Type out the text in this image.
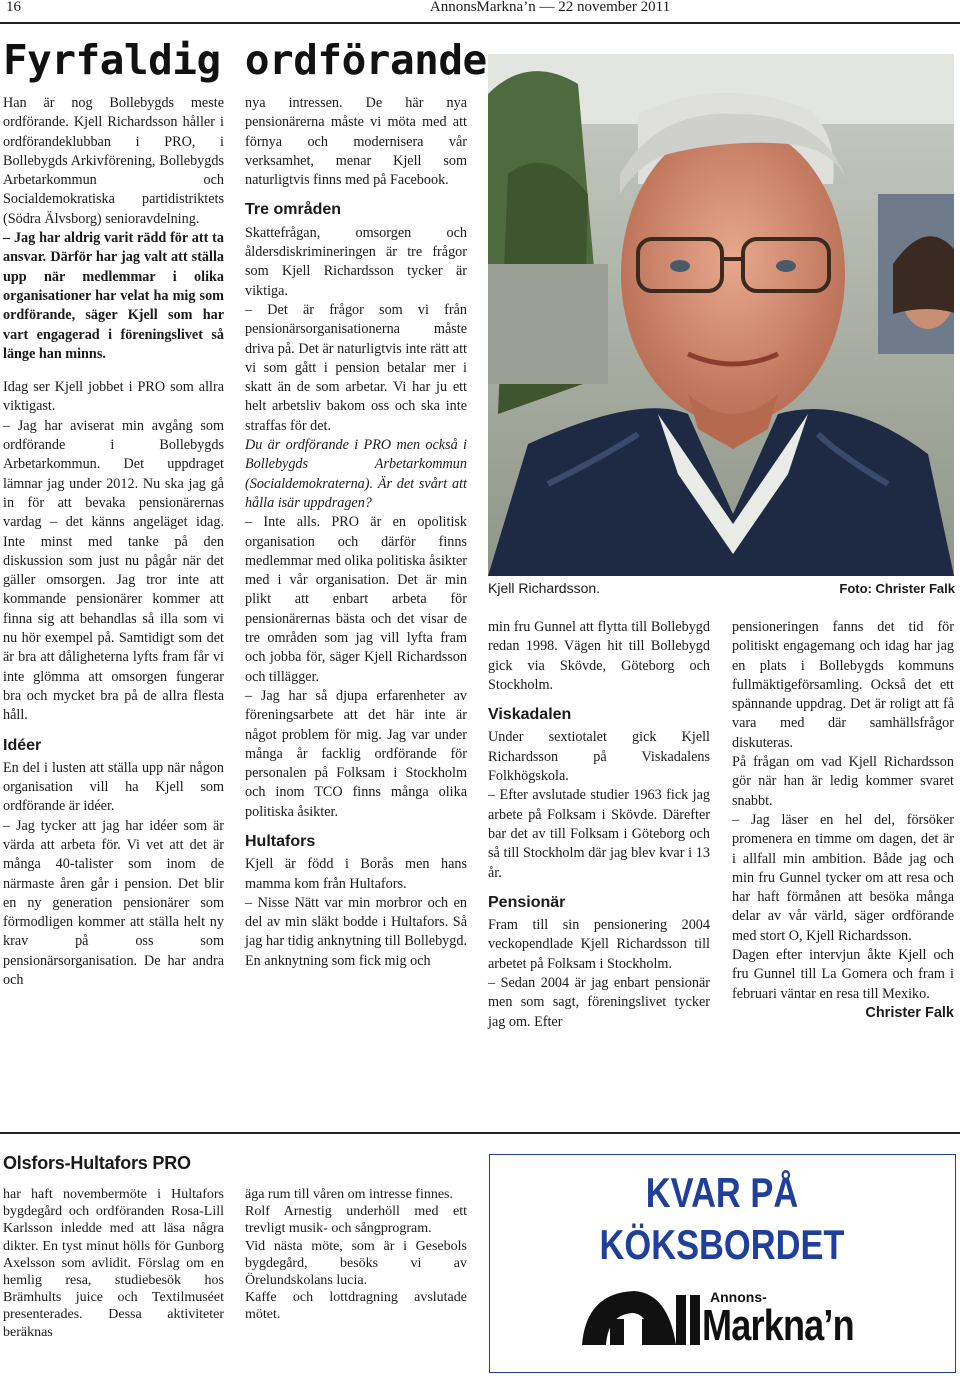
16	AnnonsMarkna’n — 22 november 2011
Fyrfaldig ordförande

Han är nog Bollebygds meste ordförande. Kjell Richardsson håller i ordförandeklubban i PRO, i Bollebygds Arkivförening, Bollebygds Arbetarkommun och Socialdemokratiska partidistriktets (Södra Älvsborg) senioravdelning.

– Jag har aldrig varit rädd för att ta ansvar. Därför har jag valt att ställa upp när medlemmar i olika organisationer har velat ha mig som ordförande, säger Kjell som har vart engagerad i föreningslivet så länge han minns.

Idag ser Kjell jobbet i PRO som allra viktigast.

– Jag har aviserat min avgång som ordförande i Bollebygds Arbetarkommun. Det uppdraget lämnar jag under 2012. Nu ska jag gå in för att bevaka pensionärernas vardag – det känns angeläget idag. Inte minst med tanke på den diskussion som just nu pågår när det gäller omsorgen. Jag tror inte att kommande pensionärer kommer att finna sig att behandlas så illa som vi nu hör exempel på. Samtidigt som det är bra att dåligheterna lyfts fram får vi inte glömma att omsorgen fungerar bra och mycket bra på de allra flesta håll.

Idéer

En del i lusten att ställa upp när någon organisation vill ha Kjell som ordförande är idéer.

– Jag tycker att jag har idéer som är värda att arbeta för. Vi vet att det är många 40-talister som inom de närmaste åren går i pension. Det blir en ny generation pensionärer som förmodligen kommer att ställa helt ny krav på oss som pensionärsorganisation. De har andra och

nya intressen. De här nya pensionärerna måste vi möta med att förnya och modernisera vår verksamhet, menar Kjell som naturligtvis finns med på Facebook.

Tre områden

Skattefrågan, omsorgen och åldersdiskrimineringen är tre frågor som Kjell Richardsson tycker är viktiga.

– Det är frågor som vi från pensionärsorganisationerna måste driva på. Det är naturligtvis inte rätt att vi som gått i pension betalar mer i skatt än de som arbetar. Vi har ju ett helt arbetsliv bakom oss och ska inte straffas för det.

Du är ordförande i PRO men också i Bollebygds Arbetarkommun (Socialdemokraterna). Är det svårt att hålla isär uppdragen?

– Inte alls. PRO är en opolitisk organisation och därför finns medlemmar med olika politiska åsikter med i vår organisation. Det är min plikt att enbart arbeta för pensionärernas bästa och det visar de tre områden som jag vill lyfta fram och jobba för, säger Kjell Richardsson och tillägger.

– Jag har så djupa erfarenheter av föreningsarbete att det här inte är något problem för mig. Jag var under många år facklig ordförande för personalen på Folksam i Stockholm och inom TCO finns många olika politiska åsikter.

Hultafors

Kjell är född i Borås men hans mamma kom från Hultafors.

– Nisse Nätt var min morbror och en del av min släkt bodde i Hultafors. Så jag har tidig anknytning till Bollebygd. En anknytning som fick mig och

Kjell Richardsson.	Foto: Christer Falk

min fru Gunnel att flytta till Bollebygd redan 1998. Vägen hit till Bollebygd gick via Skövde, Göteborg och Stockholm.

Viskadalen

Under sextiotalet gick Kjell Richardsson på Viskadalens Folkhögskola.

– Efter avslutade studier 1963 fick jag arbete på Folksam i Skövde. Därefter bar det av till Folksam i Göteborg och så till Stockholm där jag blev kvar i 13 år.

Pensionär

Fram till sin pensionering 2004 veckopendlade Kjell Richardsson till arbetet på Folksam i Stockholm.

– Sedan 2004 är jag enbart pensionär men som sagt, föreningslivet tycker jag om. Efter

pensioneringen fanns det tid för politiskt engagemang och idag har jag en plats i Bollebygds kommuns fullmäktigeförsamling. Också det ett spännande uppdrag. Det är roligt att få vara med där samhällsfrågor diskuteras.

På frågan om vad Kjell Richardsson gör när han är ledig kommer svaret snabbt.

– Jag läser en hel del, försöker promenera en timme om dagen, det är i allfall min ambition. Både jag och min fru Gunnel tycker om att resa och har haft förmånen att besöka många delar av vår värld, säger ordförande med stort O, Kjell Richardsson.

Dagen efter intervjun åkte Kjell och fru Gunnel till La Gomera och fram i februari väntar en resa till Mexiko.

Christer Falk

Olsfors-Hultafors PRO

har haft novembermöte i Hultafors bygdegård och ordföranden Rosa-Lill Karlsson inledde med att läsa några dikter. En tyst minut hölls för Gunborg Axelsson som avlidit. Förslag om en hemlig resa, studiebesök hos Brämhults juice och Textilmuséet presenterades. Dessa aktiviteter beräknas

äga rum till våren om intresse finnes.

Rolf Arnestig underhöll med ett trevligt musik- och sångprogram.

Vid nästa möte, som är i Gesebols bygdegård, besöks vi av Örelundskolans lucia.

Kaffe och lottdragning avslutade mötet.

KVAR PÅ
KÖKSBORDET
Annons-
Markna’n
